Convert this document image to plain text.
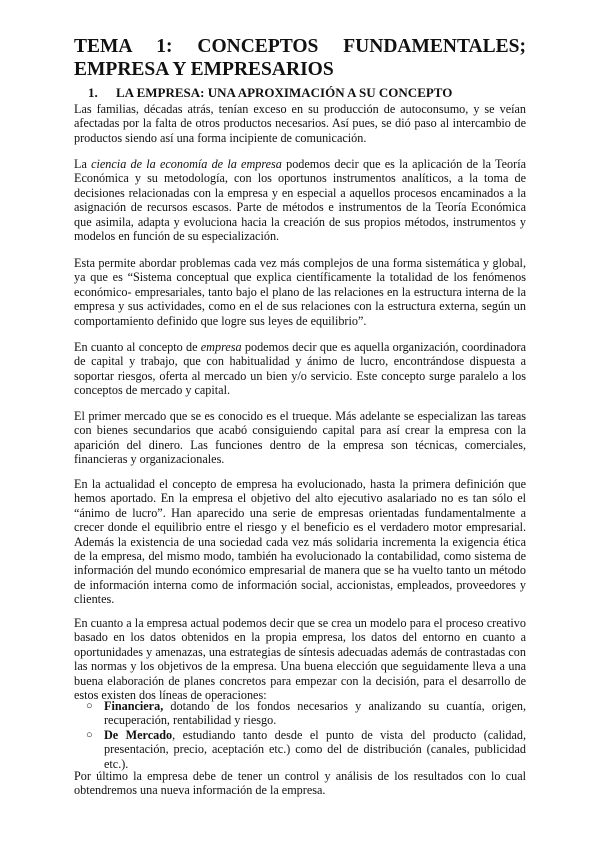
TEMA 1: CONCEPTOS FUNDAMENTALES; EMPRESA Y EMPRESARIOS
1. LA EMPRESA: UNA APROXIMACIÓN A SU CONCEPTO

Las familias, décadas atrás, tenían exceso en su producción de autoconsumo, y se veían afectadas por la falta de otros productos necesarios. Así pues, se dió paso al intercambio de productos siendo así una forma incipiente de comunicación.

La ciencia de la economía de la empresa podemos decir que es la aplicación de la Teoría Económica y su metodología, con los oportunos instrumentos analíticos, a la toma de decisiones relacionadas con la empresa y en especial a aquellos procesos encaminados a la asignación de recursos escasos. Parte de métodos e instrumentos de la Teoría Económica que asimila, adapta y evoluciona hacia la creación de sus propios métodos, instrumentos y modelos en función de su especialización.

Esta permite abordar problemas cada vez más complejos de una forma sistemática y global, ya que es “Sistema conceptual que explica científicamente la totalidad de los fenómenos económico- empresariales, tanto bajo el plano de las relaciones en la estructura interna de la empresa y sus actividades, como en el de sus relaciones con la estructura externa, según un comportamiento definido que logre sus leyes de equilibrio”.

En cuanto al concepto de empresa podemos decir que es aquella organización, coordinadora de capital y trabajo, que con habitualidad y ánimo de lucro, encontrándose dispuesta a soportar riesgos, oferta al mercado un bien y/o servicio. Este concepto surge paralelo a los conceptos de mercado y capital.

El primer mercado que se es conocido es el trueque. Más adelante se especializan las tareas con bienes secundarios que acabó consiguiendo capital para así crear la empresa con la aparición del dinero. Las funciones dentro de la empresa son técnicas, comerciales, financieras y organizacionales.

En la actualidad el concepto de empresa ha evolucionado, hasta la primera definición que hemos aportado. En la empresa el objetivo del alto ejecutivo asalariado no es tan sólo el “ánimo de lucro”. Han aparecido una serie de empresas orientadas fundamentalmente a crecer donde el equilibrio entre el riesgo y el beneficio es el verdadero motor empresarial. Además la existencia de una sociedad cada vez más solidaria incrementa la exigencia ética de la empresa, del mismo modo, también ha evolucionado la contabilidad, como sistema de información del mundo económico empresarial de manera que se ha vuelto tanto un método de información interna como de información social, accionistas, empleados, proveedores y clientes.

En cuanto a la empresa actual podemos decir que se crea un modelo para el proceso creativo basado en los datos obtenidos en la propia empresa, los datos del entorno en cuanto a oportunidades y amenazas, una estrategias de síntesis adecuadas además de contrastadas con las normas y los objetivos de la empresa. Una buena elección que seguidamente lleva a una buena elaboración de planes concretos para empezar con la decisión, para el desarrollo de estos existen dos líneas de operaciones:

○ Financiera, dotando de los fondos necesarios y analizando su cuantía, origen, recuperación, rentabilidad y riesgo.
○ De Mercado, estudiando tanto desde el punto de vista del producto (calidad, presentación, precio, aceptación etc.) como del de distribución (canales, publicidad etc.).

Por último la empresa debe de tener un control y análisis de los resultados con lo cual obtendremos una nueva información de la empresa.
